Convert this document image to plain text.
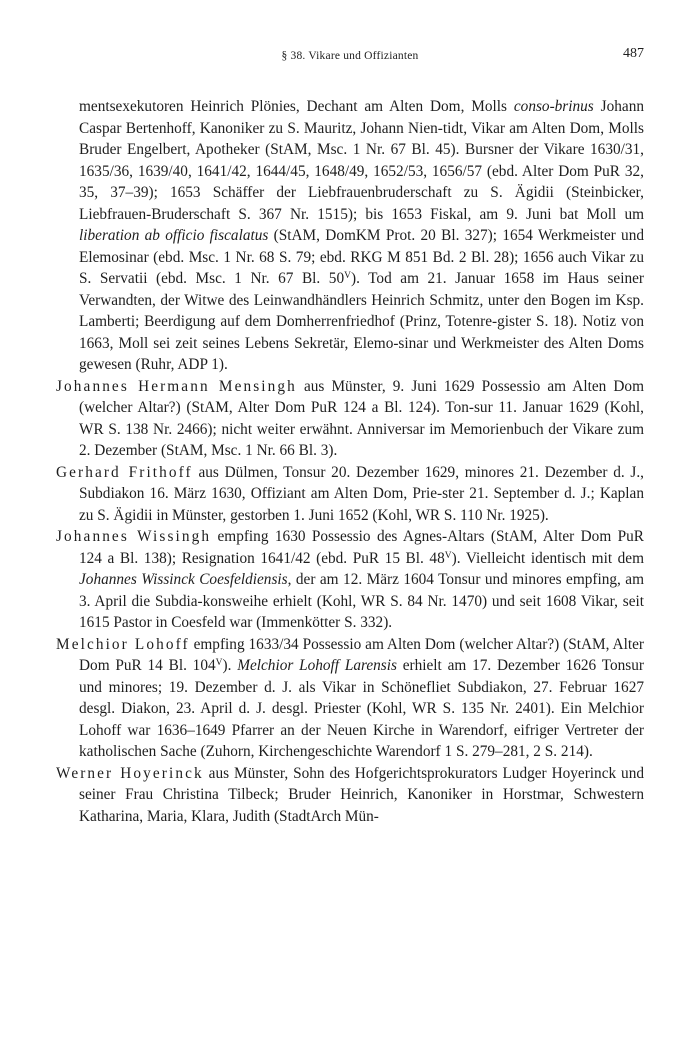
§ 38. Vikare und Offizianten	487

mentsexekutoren Heinrich Plönies, Dechant am Alten Dom, Molls conso-brinus Johann Caspar Bertenhoff, Kanoniker zu S. Mauritz, Johann Nien-tidt, Vikar am Alten Dom, Molls Bruder Engelbert, Apotheker (StAM, Msc. 1 Nr. 67 Bl. 45). Bursner der Vikare 1630/31, 1635/36, 1639/40, 1641/42, 1644/45, 1648/49, 1652/53, 1656/57 (ebd. Alter Dom PuR 32, 35, 37–39); 1653 Schäffer der Liebfrauenbruderschaft zu S. Ägidii (Steinbicker, Liebfrauen-Bruderschaft S. 367 Nr. 1515); bis 1653 Fiskal, am 9. Juni bat Moll um liberation ab officio fiscalatus (StAM, DomKM Prot. 20 Bl. 327); 1654 Werkmeister und Elemosinar (ebd. Msc. 1 Nr. 68 S. 79; ebd. RKG M 851 Bd. 2 Bl. 28); 1656 auch Vikar zu S. Servatii (ebd. Msc. 1 Nr. 67 Bl. $50^V$). Tod am 21. Januar 1658 im Haus seiner Verwandten, der Witwe des Leinwandhändlers Heinrich Schmitz, unter den Bogen im Ksp. Lamberti; Beerdigung auf dem Domherrenfriedhof (Prinz, Totenre-gister S. 18). Notiz von 1663, Moll sei zeit seines Lebens Sekretär, Elemo-sinar und Werkmeister des Alten Doms gewesen (Ruhr, ADP 1).

Johannes Hermann Mensingh aus Münster, 9. Juni 1629 Possessio am Alten Dom (welcher Altar?) (StAM, Alter Dom PuR 124 a Bl. 124). Ton-sur 11. Januar 1629 (Kohl, WR S. 138 Nr. 2466); nicht weiter erwähnt. Anniversar im Memorienbuch der Vikare zum 2. Dezember (StAM, Msc. 1 Nr. 66 Bl. 3).

Gerhard Frithoff aus Dülmen, Tonsur 20. Dezember 1629, minores 21. Dezember d. J., Subdiakon 16. März 1630, Offiziant am Alten Dom, Prie-ster 21. September d. J.; Kaplan zu S. Ägidii in Münster, gestorben 1. Juni 1652 (Kohl, WR S. 110 Nr. 1925).

Johannes Wissingh empfing 1630 Possessio des Agnes-Altars (StAM, Alter Dom PuR 124 a Bl. 138); Resignation 1641/42 (ebd. PuR 15 Bl. $48^V$). Vielleicht identisch mit dem Johannes Wissinck Coesfeldiensis, der am 12. März 1604 Tonsur und minores empfing, am 3. April die Subdia-konsweihe erhielt (Kohl, WR S. 84 Nr. 1470) und seit 1608 Vikar, seit 1615 Pastor in Coesfeld war (Immenkötter S. 332).

Melchior Lohoff empfing 1633/34 Possessio am Alten Dom (welcher Altar?) (StAM, Alter Dom PuR 14 Bl. $104^V$). Melchior Lohoff Larensis erhielt am 17. Dezember 1626 Tonsur und minores; 19. Dezember d. J. als Vikar in Schönefliet Subdiakon, 27. Februar 1627 desgl. Diakon, 23. April d. J. desgl. Priester (Kohl, WR S. 135 Nr. 2401). Ein Melchior Lohoff war 1636–1649 Pfarrer an der Neuen Kirche in Warendorf, eifriger Vertreter der katholischen Sache (Zuhorn, Kirchengeschichte Warendorf 1 S. 279–281, 2 S. 214).

Werner Hoyerinck aus Münster, Sohn des Hofgerichtsprokurators Ludger Hoyerinck und seiner Frau Christina Tilbeck; Bruder Heinrich, Kanoniker in Horstmar, Schwestern Katharina, Maria, Klara, Judith (StadtArch Mün-
